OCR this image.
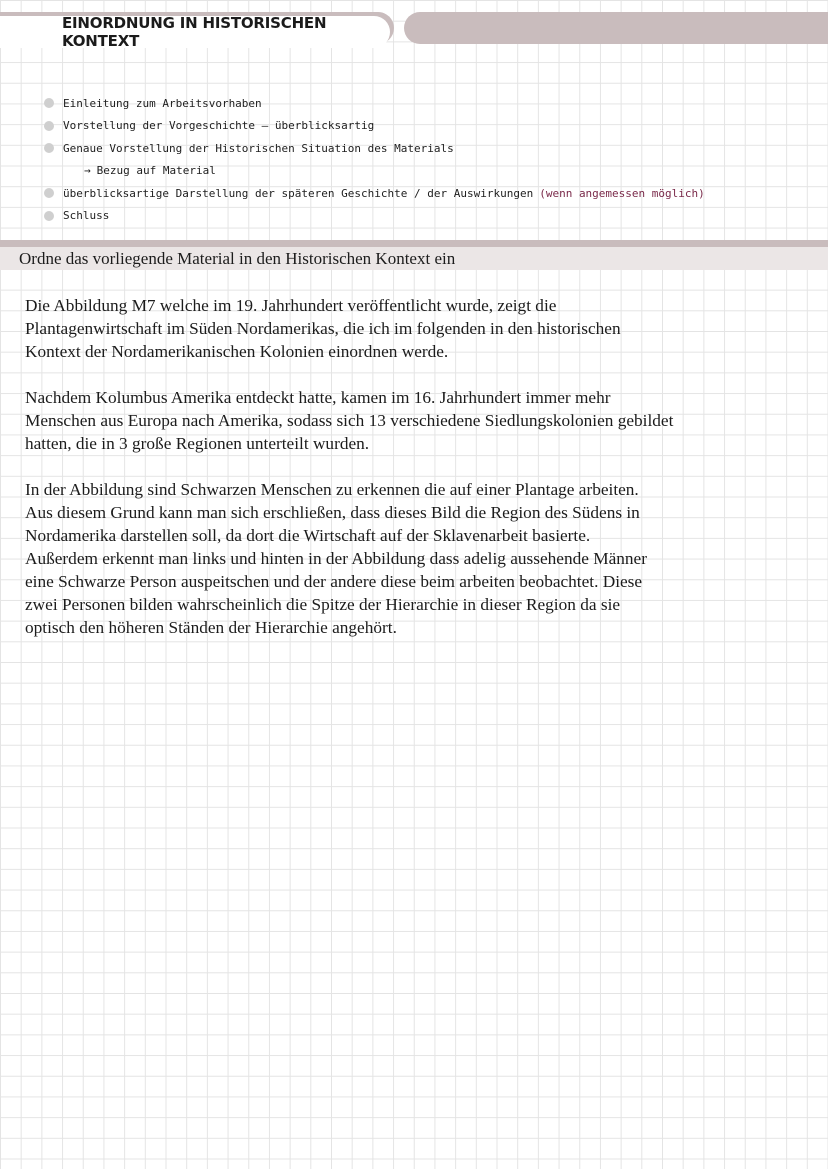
EINORDNUNG IN HISTORISCHEN KONTEXT
Einleitung zum Arbeitsvorhaben
Vorstellung der Vorgeschichte – überblicksartig
Genaue Vorstellung der Historischen Situation des Materials
→ Bezug auf Material
überblicksartige Darstellung der späteren Geschichte / der Auswirkungen (wenn angemessen möglich)
Schluss
Ordne das vorliegende Material in den Historischen Kontext ein

Die Abbildung M7 welche im 19. Jahrhundert veröffentlicht wurde, zeigt die
Plantagenwirtschaft im Süden Nordamerikas, die ich im folgenden in den historischen
Kontext der Nordamerikanischen Kolonien einordnen werde.

Nachdem Kolumbus Amerika entdeckt hatte, kamen im 16. Jahrhundert immer mehr
Menschen aus Europa nach Amerika, sodass sich 13 verschiedene Siedlungskolonien gebildet
hatten, die in 3 große Regionen unterteilt wurden.

In der Abbildung sind Schwarzen Menschen zu erkennen die auf einer Plantage arbeiten.
Aus diesem Grund kann man sich erschließen, dass dieses Bild die Region des Südens in
Nordamerika darstellen soll, da dort die Wirtschaft auf der Sklavenarbeit basierte.
Außerdem erkennt man links und hinten in der Abbildung dass adelig aussehende Männer
eine Schwarze Person auspeitschen und der andere diese beim arbeiten beobachtet. Diese
zwei Personen bilden wahrscheinlich die Spitze der Hierarchie in dieser Region da sie
optisch den höheren Ständen der Hierarchie angehört.
